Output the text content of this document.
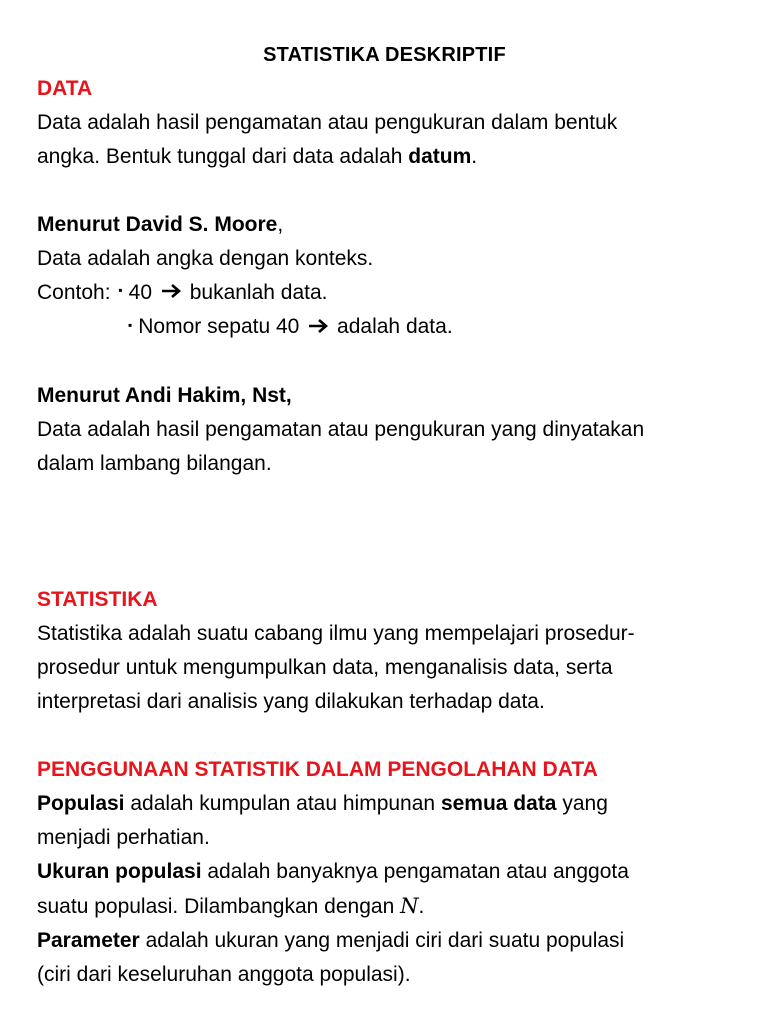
STATISTIKA DESKRIPTIF

DATA

Data adalah hasil pengamatan atau pengukuran dalam bentuk

angka. Bentuk tunggal dari data adalah datum.

Menurut David S. Moore,

Data adalah angka dengan konteks.

Contoh: ▪ 40 bukanlah data.

▪ Nomor sepatu 40 adalah data.

Menurut Andi Hakim, Nst,

Data adalah hasil pengamatan atau pengukuran yang dinyatakan

dalam lambang bilangan.

STATISTIKA

Statistika adalah suatu cabang ilmu yang mempelajari prosedur-

prosedur untuk mengumpulkan data, menganalisis data, serta

interpretasi dari analisis yang dilakukan terhadap data.

PENGGUNAAN STATISTIK DALAM PENGOLAHAN DATA

Populasi adalah kumpulan atau himpunan semua data yang

menjadi perhatian.

Ukuran populasi adalah banyaknya pengamatan atau anggota

suatu populasi. Dilambangkan dengan N.

Parameter adalah ukuran yang menjadi ciri dari suatu populasi

(ciri dari keseluruhan anggota populasi).
